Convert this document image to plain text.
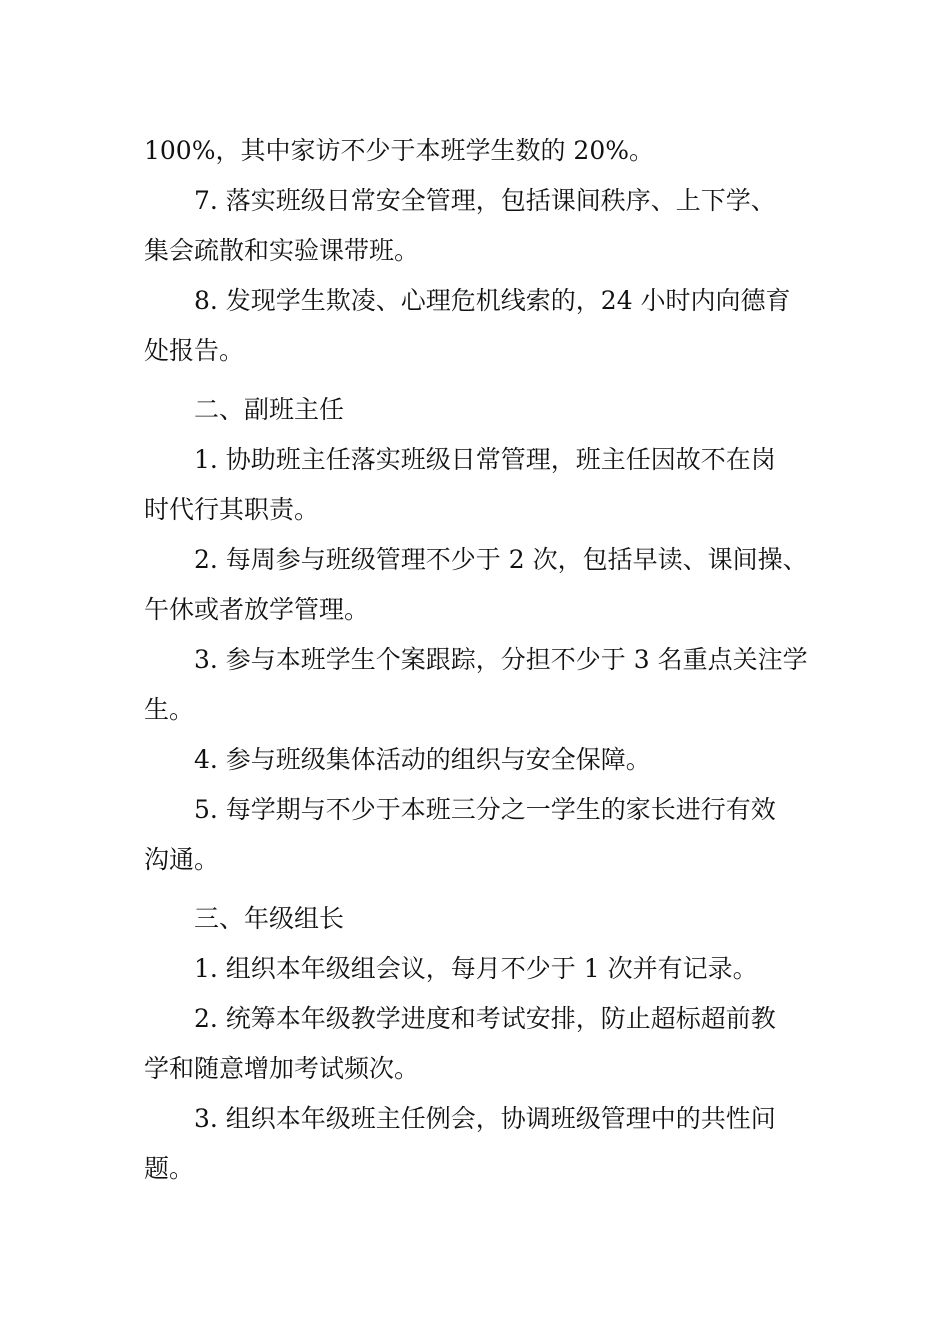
100%，其中家访不少于本班学生数的 20%。
7. 落实班级日常安全管理，包括课间秩序、上下学、
集会疏散和实验课带班。
8. 发现学生欺凌、心理危机线索的，24 小时内向德育
处报告。
二、副班主任
1. 协助班主任落实班级日常管理，班主任因故不在岗
时代行其职责。
2. 每周参与班级管理不少于 2 次，包括早读、课间操、
午休或者放学管理。
3. 参与本班学生个案跟踪，分担不少于 3 名重点关注学
生。
4. 参与班级集体活动的组织与安全保障。
5. 每学期与不少于本班三分之一学生的家长进行有效
沟通。
三、年级组长
1. 组织本年级组会议，每月不少于 1 次并有记录。
2. 统筹本年级教学进度和考试安排，防止超标超前教
学和随意增加考试频次。
3. 组织本年级班主任例会，协调班级管理中的共性问
题。
